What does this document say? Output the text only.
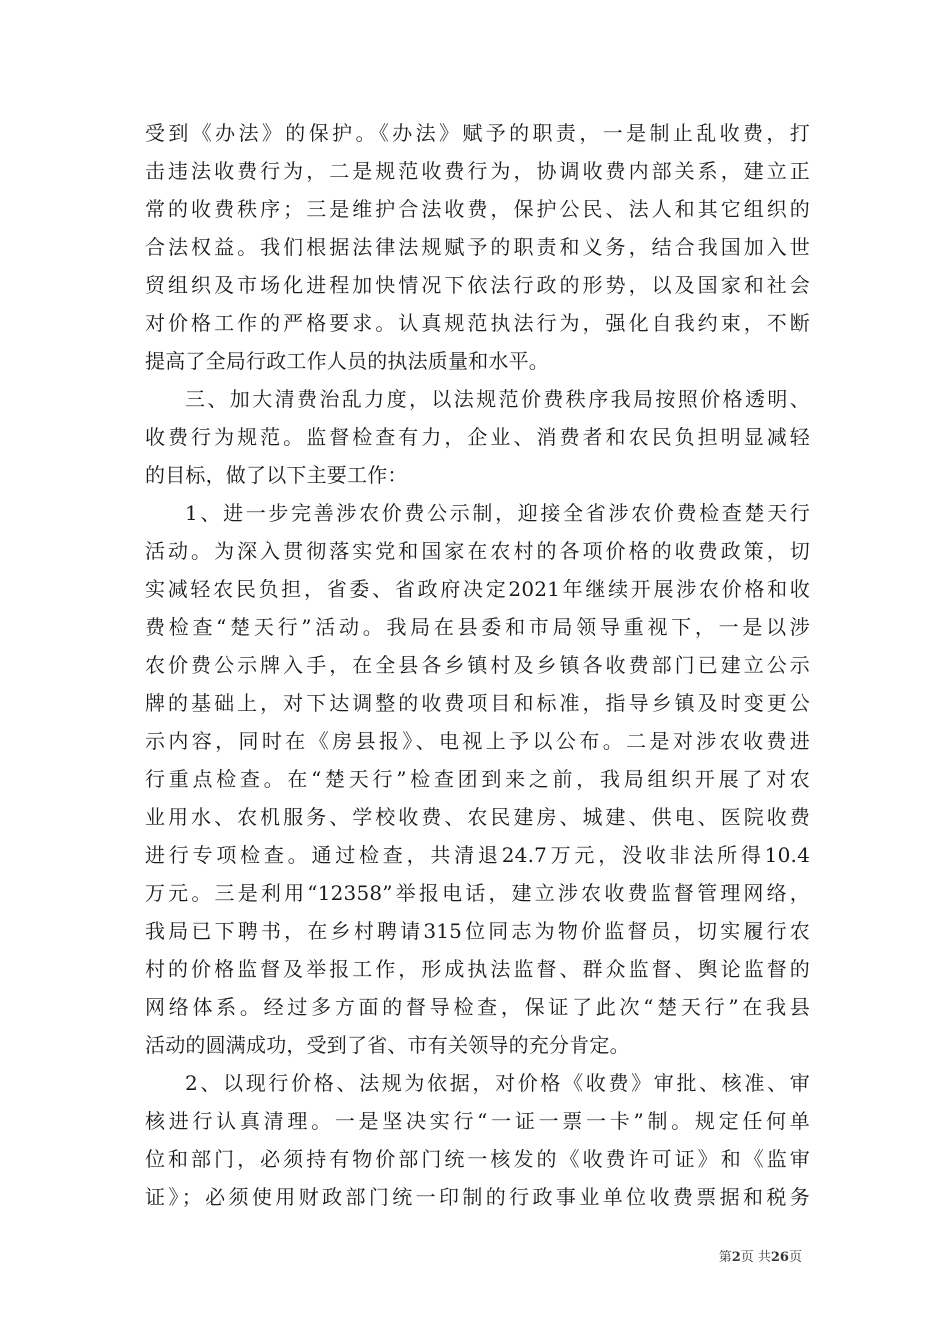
受到《办法》的保护。《办法》赋予的职责，一是制止乱收费，打
击违法收费行为，二是规范收费行为，协调收费内部关系，建立正
常的收费秩序；三是维护合法收费，保护公民、法人和其它组织的
合法权益。我们根据法律法规赋予的职责和义务，结合我国加入世
贸组织及市场化进程加快情况下依法行政的形势，以及国家和社会
对价格工作的严格要求。认真规范执法行为，强化自我约束，不断
提高了全局行政工作人员的执法质量和水平。
三、加大清费治乱力度，以法规范价费秩序我局按照价格透明、
收费行为规范。监督检查有力，企业、消费者和农民负担明显减轻
的目标，做了以下主要工作：
1、进一步完善涉农价费公示制，迎接全省涉农价费检查楚天行
活动。为深入贯彻落实党和国家在农村的各项价格的收费政策，切
实减轻农民负担，省委、省政府决定2021年继续开展涉农价格和收
费检查“楚天行”活动。我局在县委和市局领导重视下，一是以涉
农价费公示牌入手，在全县各乡镇村及乡镇各收费部门已建立公示
牌的基础上，对下达调整的收费项目和标准，指导乡镇及时变更公
示内容，同时在《房县报》、电视上予以公布。二是对涉农收费进
行重点检查。在“楚天行”检查团到来之前，我局组织开展了对农
业用水、农机服务、学校收费、农民建房、城建、供电、医院收费
进行专项检查。通过检查，共清退24.7万元，没收非法所得10.4
万元。三是利用“12358”举报电话，建立涉农收费监督管理网络，
我局已下聘书，在乡村聘请315位同志为物价监督员，切实履行农
村的价格监督及举报工作，形成执法监督、群众监督、舆论监督的
网络体系。经过多方面的督导检查，保证了此次“楚天行”在我县
活动的圆满成功，受到了省、市有关领导的充分肯定。
2、以现行价格、法规为依据，对价格《收费》审批、核准、审
核进行认真清理。一是坚决实行“一证一票一卡”制。规定任何单
位和部门，必须持有物价部门统一核发的《收费许可证》和《监审
证》；必须使用财政部门统一印制的行政事业单位收费票据和税务
第2页 共26页
